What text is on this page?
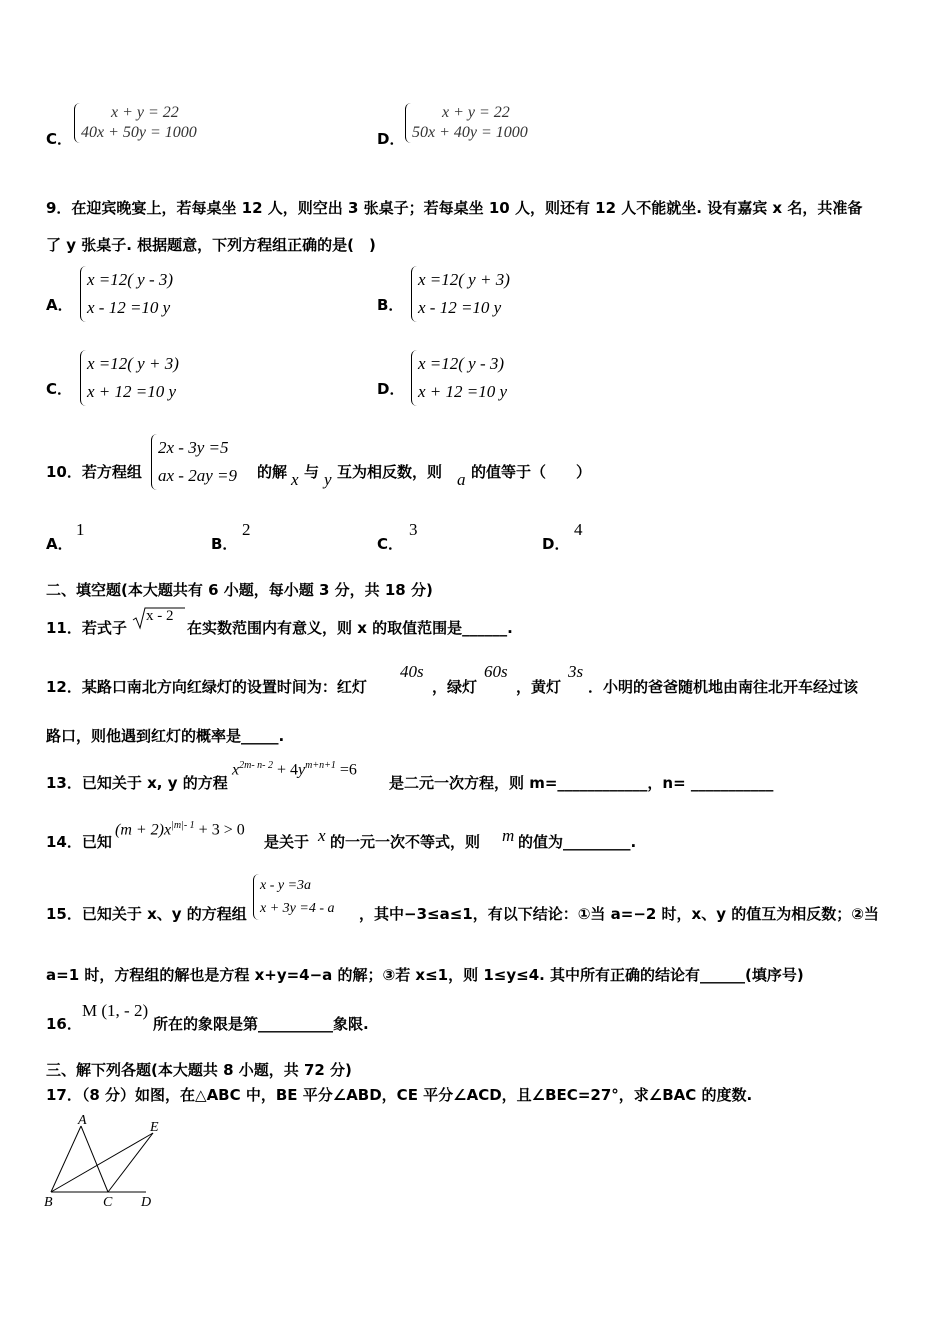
C．
x + y = 22
40x + 50y = 1000	D．
x + y = 22
50x + 40y = 1000
9．在迎宾晚宴上，若每桌坐 12 人，则空出 3 张桌子；若每桌坐 10 人，则还有 12 人不能就坐. 设有嘉宾 x 名，共准备
了 y 张桌子. 根据题意，下列方程组正确的是(　)
A．
x =12( y - 3)
x - 12 =10 y	B．
x =12( y + 3)
x - 12 =10 y
C．
x =12( y + 3)
x + 12 =10 y	D．
x =12( y - 3)
x + 12 =10 y
10．若方程组
2x - 3y =5
ax - 2ay =9 的解 x 与 y 互为相反数，则 a 的值等于（　　）
A．
1
B．
2
C．
3
D．
4
二、填空题(本大题共有 6 小题，每小题 3 分，共 18 分)
11．若式子
x - 2
在实数范围内有意义，则 x 的取值范围是______.
12．某路口南北方向红绿灯的设置时间为：红灯
40s
，绿灯
60s
，黄灯
3s
．小明的爸爸随机地由南往北开车经过该
路口，则他遇到红灯的概率是_____.
13．已知关于 x, y 的方程
$x^{2m- n- 2} + 4y^{m+n+1} =6$
是二元一次方程，则 m=____________，n= ___________
14．已知
$(m + 2)x^{|m|- 1} + 3 > 0$
是关于 x 的一元一次不等式，则 m 的值为_________.
15．已知关于 x、y 的方程组
x - y =3a
x + 3y =4 - a ，其中−3≤a≤1，有以下结论：①当 a=−2 时，x、y 的值互为相反数；②当
a=1 时，方程组的解也是方程 x+y=4−a 的解；③若 x≤1，则 1≤y≤4. 其中所有正确的结论有______(填序号)
16．
M (1, - 2)
所在的象限是第__________象限.
三、解下列各题(本大题共 8 小题，共 72 分)
17．（8 分）如图，在△ABC 中，BE 平分∠ABD，CE 平分∠ACD，且∠BEC=27°，求∠BAC 的度数.
A
B	C D
E
